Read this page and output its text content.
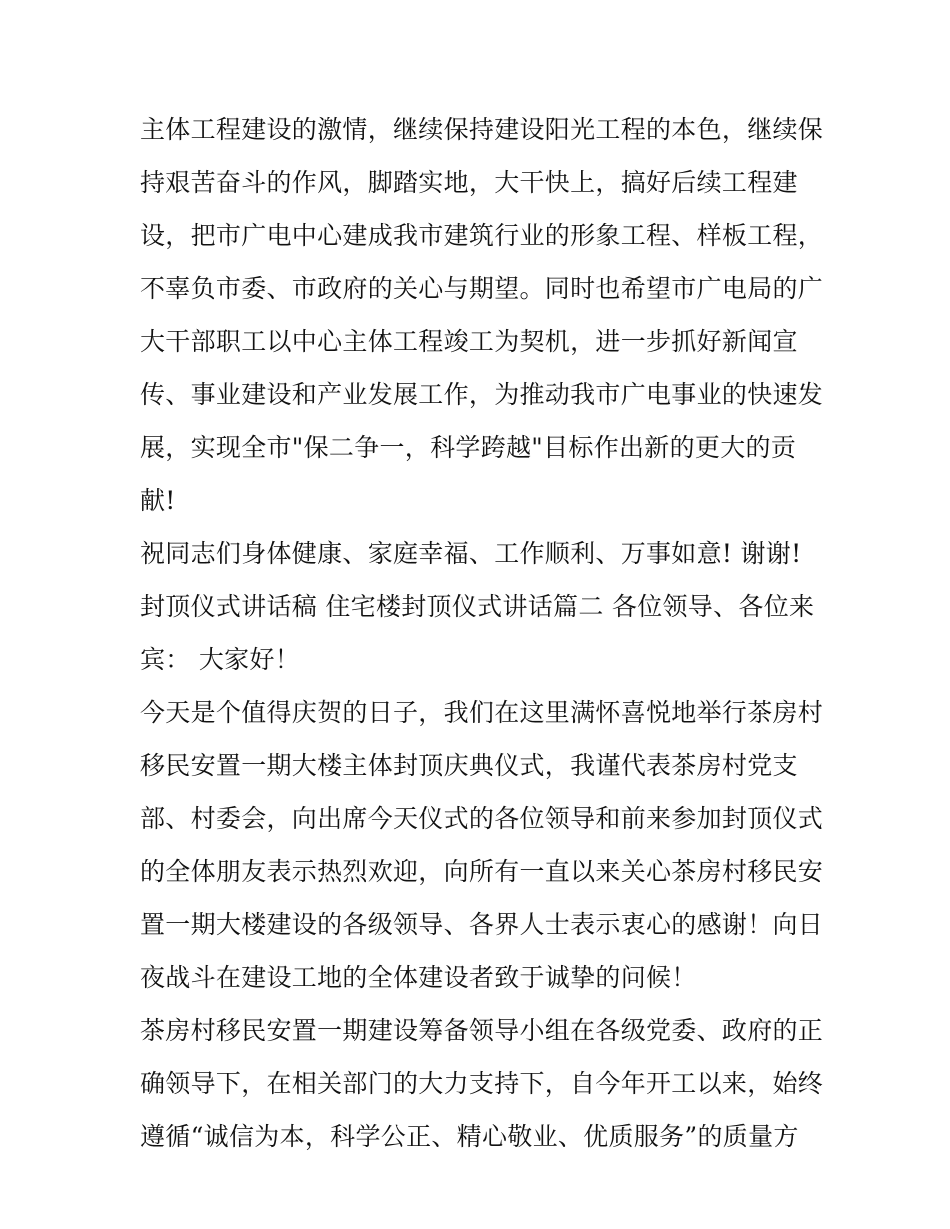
主体工程建设的激情，继续保持建设阳光工程的本色，继续保
持艰苦奋斗的作风，脚踏实地，大干快上，搞好后续工程建
设，把市广电中心建成我市建筑行业的形象工程、样板工程，
不辜负市委、市政府的关心与期望。同时也希望市广电局的广
大干部职工以中心主体工程竣工为契机，进一步抓好新闻宣
传、事业建设和产业发展工作，为推动我市广电事业的快速发
展，实现全市"保二争一，科学跨越"目标作出新的更大的贡
献!
祝同志们身体健康、家庭幸福、工作顺利、万事如意! 谢谢!
封顶仪式讲话稿 住宅楼封顶仪式讲话篇二 各位领导、各位来
宾： 大家好！
今天是个值得庆贺的日子，我们在这里满怀喜悦地举行茶房村
移民安置一期大楼主体封顶庆典仪式，我谨代表茶房村党支
部、村委会，向出席今天仪式的各位领导和前来参加封顶仪式
的全体朋友表示热烈欢迎，向所有一直以来关心茶房村移民安
置一期大楼建设的各级领导、各界人士表示衷心的感谢！向日
夜战斗在建设工地的全体建设者致于诚挚的问候！
茶房村移民安置一期建设筹备领导小组在各级党委、政府的正
确领导下，在相关部门的大力支持下，自今年开工以来，始终
遵循“诚信为本，科学公正、精心敬业、优质服务”的质量方
